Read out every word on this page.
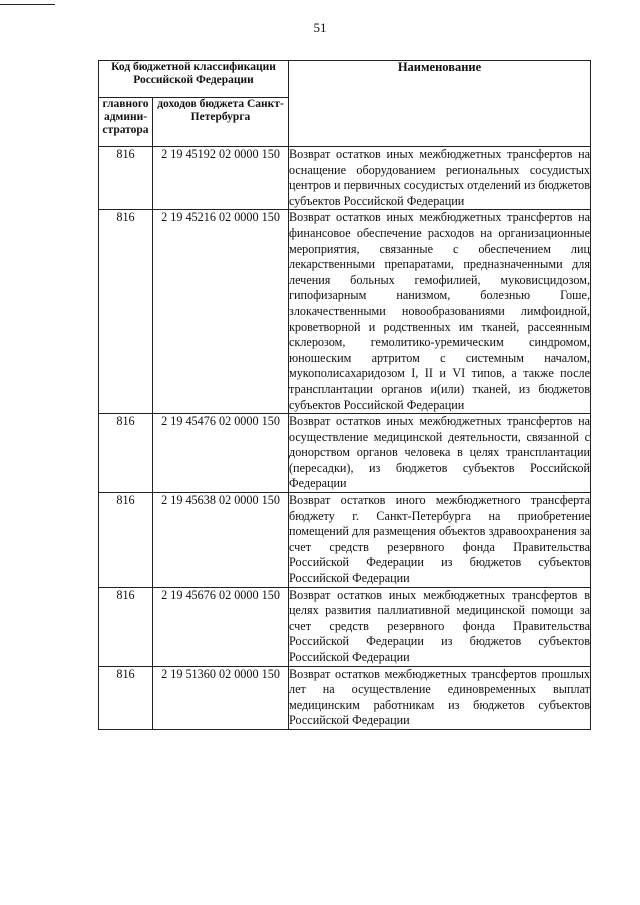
51
Код бюджетной классификации Российской Федерации		Наименование
главного админи-стратора	доходов бюджета Санкт-Петербурга	
816	2 19 45192 02 0000 150	Возврат остатков иных межбюджетных трансфертов на оснащение оборудованием региональных сосудистых центров и первичных сосудистых отделений из бюджетов субъектов Российской Федерации
816	2 19 45216 02 0000 150	Возврат остатков иных межбюджетных трансфертов на финансовое обеспечение расходов на организационные мероприятия, связанные с обеспечением лиц лекарственными препаратами, предназначенными для лечения больных гемофилией, муковисцидозом, гипофизарным нанизмом, болезнью Гоше, злокачественными новообразованиями лимфоидной, кроветворной и родственных им тканей, рассеянным склерозом, гемолитико-уремическим синдромом, юношеским артритом с системным началом, мукополисахаридозом I, II и VI типов, а также после трансплантации органов и(или) тканей, из бюджетов субъектов Российской Федерации
816	2 19 45476 02 0000 150	Возврат остатков иных межбюджетных трансфертов на осуществление медицинской деятельности, связанной с донорством органов человека в целях трансплантации (пересадки), из бюджетов субъектов Российской Федерации
816	2 19 45638 02 0000 150	Возврат остатков иного межбюджетного трансферта бюджету г. Санкт-Петербурга на приобретение помещений для размещения объектов здравоохранения за счет средств резервного фонда Правительства Российской Федерации из бюджетов субъектов Российской Федерации
816	2 19 45676 02 0000 150	Возврат остатков иных межбюджетных трансфертов в целях развития паллиативной медицинской помощи за счет средств резервного фонда Правительства Российской Федерации из бюджетов субъектов Российской Федерации
816	2 19 51360 02 0000 150	Возврат остатков межбюджетных трансфертов прошлых лет на осуществление единовременных выплат медицинским работникам из бюджетов субъектов Российской Федерации
